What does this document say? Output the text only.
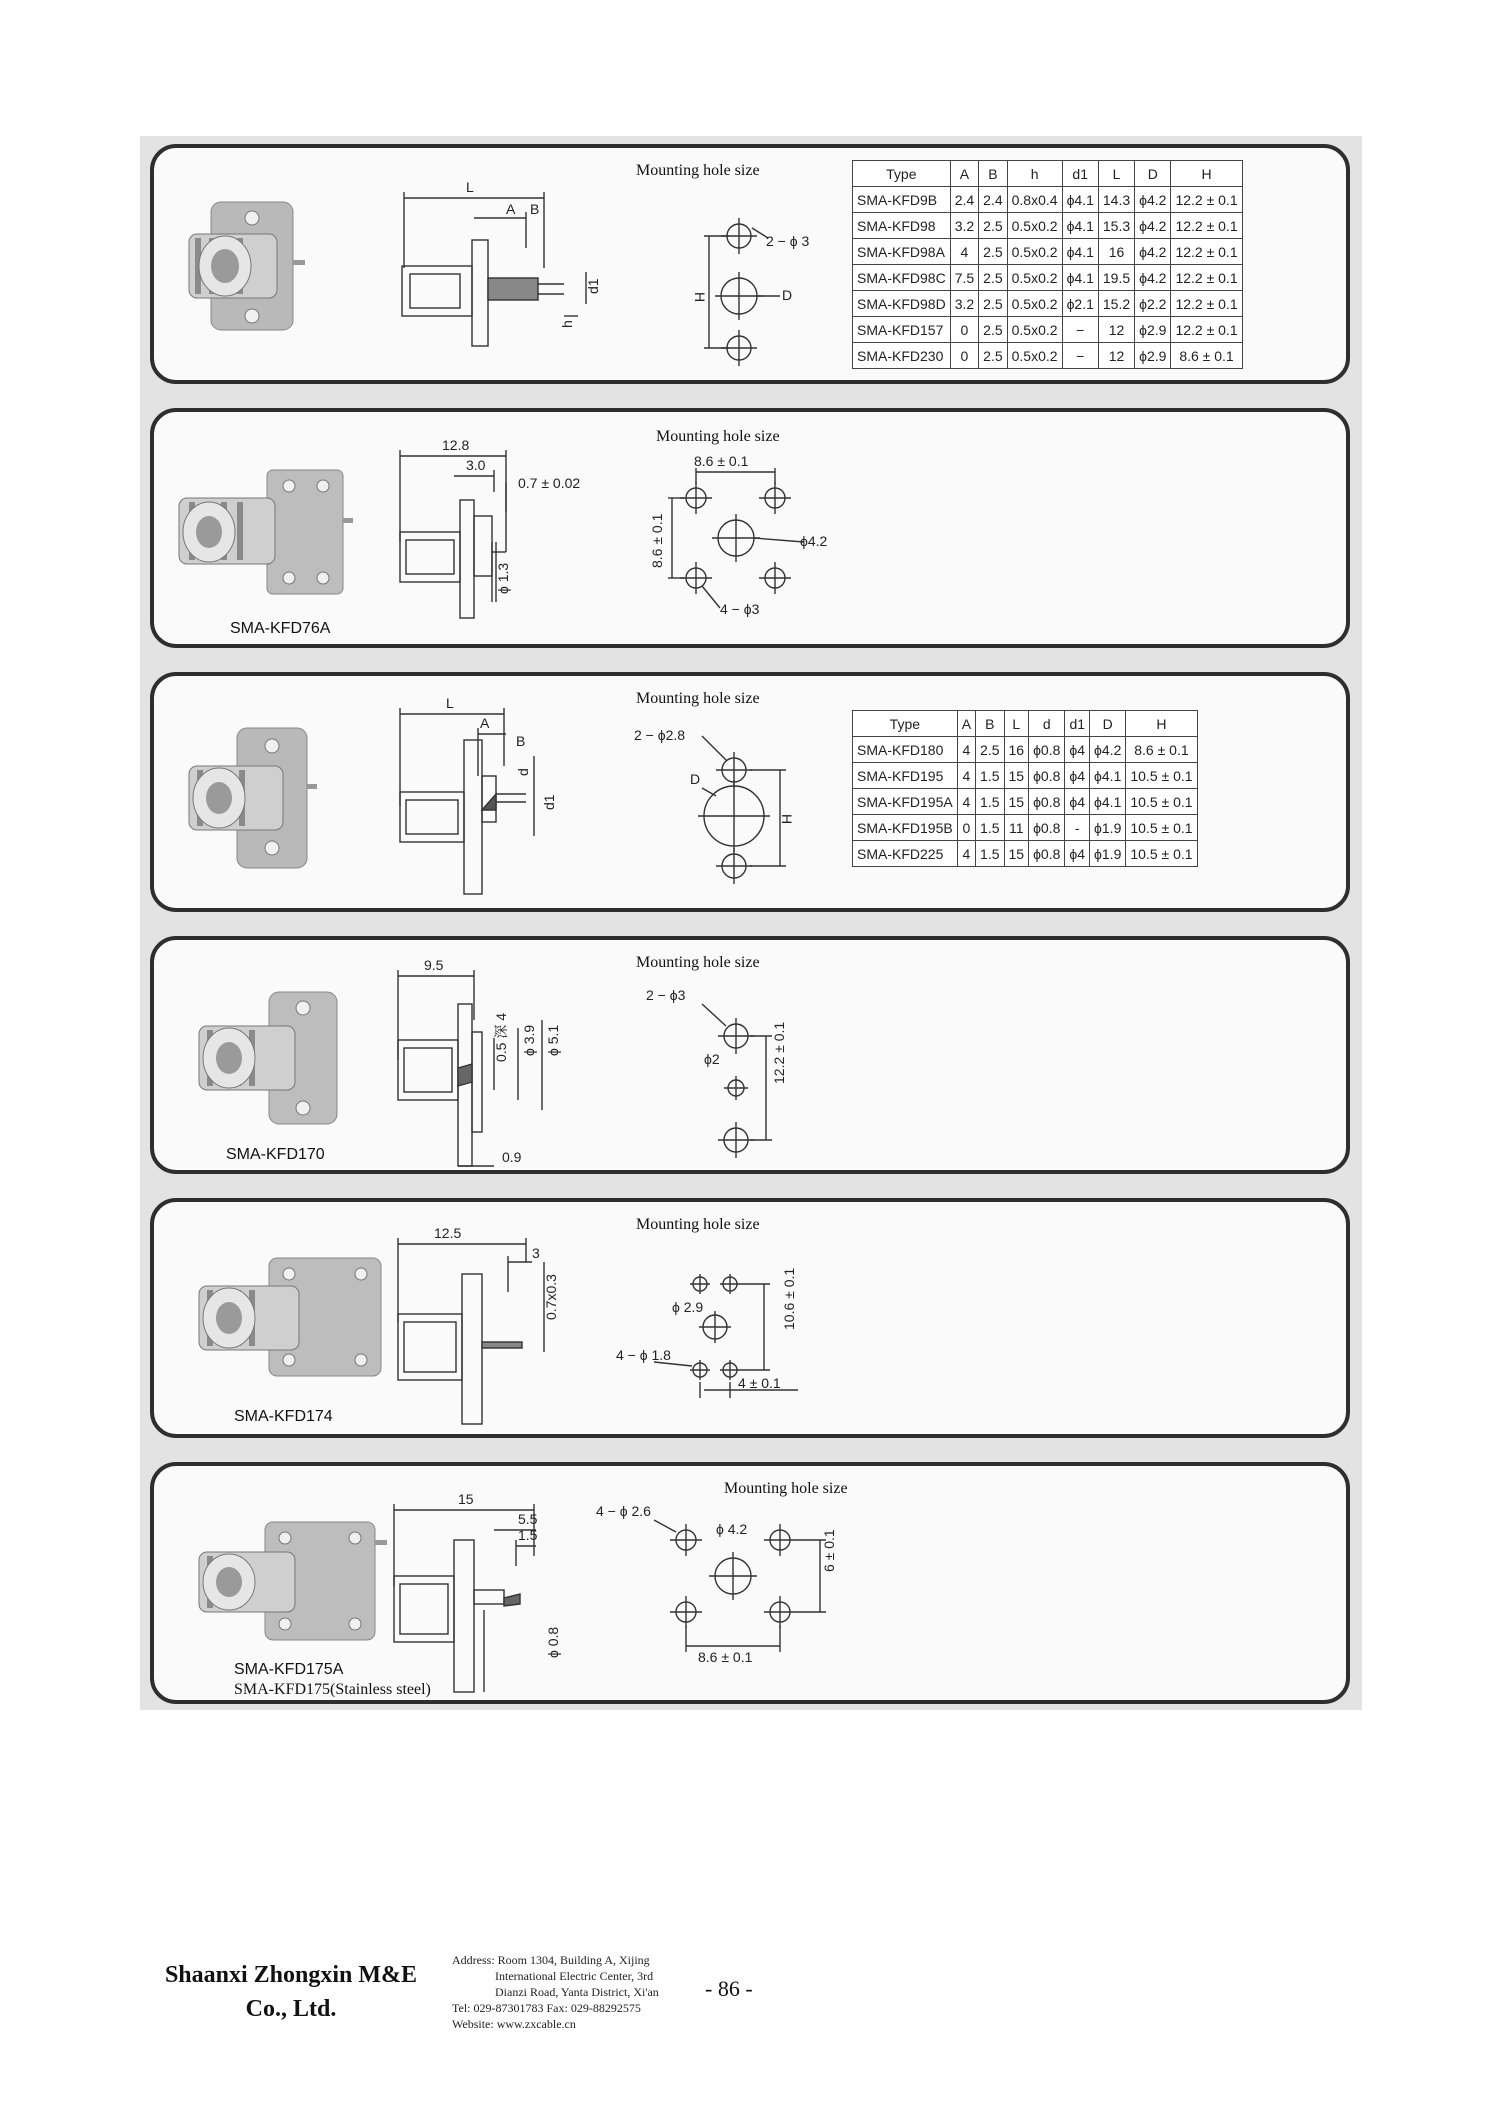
L
A B
d1
h
H
2 − ϕ 3
D
Mounting hole size	Type	A	B	h	d1	L	D	H
SMA-KFD9B	2.4	2.4	0.8x0.4	ϕ4.1	14.3	ϕ4.2	12.2 ± 0.1
SMA-KFD98	3.2	2.5	0.5x0.2	ϕ4.1	15.3	ϕ4.2	12.2 ± 0.1
SMA-KFD98A	4	2.5	0.5x0.2	ϕ4.1	16	ϕ4.2	12.2 ± 0.1
SMA-KFD98C	7.5	2.5	0.5x0.2	ϕ4.1	19.5	ϕ4.2	12.2 ± 0.1
SMA-KFD98D	3.2	2.5	0.5x0.2	ϕ2.1	15.2	ϕ2.2	12.2 ± 0.1
SMA-KFD157	0	2.5	0.5x0.2	−	12	ϕ2.9	12.2 ± 0.1
SMA-KFD230	0	2.5	0.5x0.2	−	12	ϕ2.9	8.6 ± 0.1
12.8
3.0
0.7 ± 0.02
ϕ 1.3
8.6 ± 0.1
8.6 ± 0.1	ϕ4.2
4 − ϕ3
Mounting hole size
SMA-KFD76A
L
A
B
d
d1
2 − ϕ2.8
D
H
Mounting hole size
Type	A	B	L	d	d1	D	H
SMA-KFD180	4	2.5	16	ϕ0.8	ϕ4	ϕ4.2	8.6 ± 0.1
SMA-KFD195	4	1.5	15	ϕ0.8	ϕ4	ϕ4.1	10.5 ± 0.1
SMA-KFD195A	4	1.5	15	ϕ0.8	ϕ4	ϕ4.1	10.5 ± 0.1
SMA-KFD195B	0	1.5	11	ϕ0.8	-	ϕ1.9	10.5 ± 0.1
SMA-KFD225	4	1.5	15	ϕ0.8	ϕ4	ϕ1.9	10.5 ± 0.1
9.5
0.5 深 4 ϕ 3.9 ϕ 5.1
0.9
2 − ϕ3
ϕ2	12.2 ± 0.1
Mounting hole size
SMA-KFD170
12.5
3
0.7x0.3	ϕ 2.9
4 − ϕ 1.8
10.6 ± 0.1
4 ± 0.1
Mounting hole size
SMA-KFD174
15
5.5
1.5
ϕ 0.8
4 − ϕ 2.6
ϕ 4.2
6 ± 0.1
8.6 ± 0.1
Mounting hole size
SMA-KFD175A
SMA-KFD175(Stainless steel)
Shaanxi Zhongxin M&E
Co., Ltd.
Address: Room 1304, Building A, Xijing
International Electric Center, 3rd
Dianzi Road, Yanta District, Xi'an
Tel: 029-87301783 Fax: 029-88292575
Website: www.zxcable.cn
- 86 -
